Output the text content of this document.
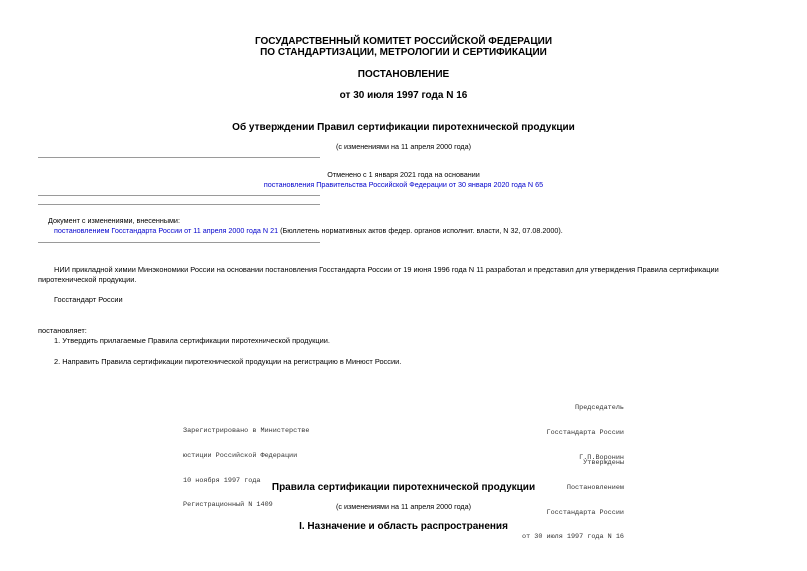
ГОСУДАРСТВЕННЫЙ КОМИТЕТ РОССИЙСКОЙ ФЕДЕРАЦИИ
ПО СТАНДАРТИЗАЦИИ, МЕТРОЛОГИИ И СЕРТИФИКАЦИИ
ПОСТАНОВЛЕНИЕ
от 30 июля 1997 года N 16
Об утверждении Правил сертификации пиротехнической продукции
(с изменениями на 11 апреля 2000 года)
Отменено с 1 января 2021 года на основании
постановления Правительства Российской Федерации от 30 января 2020 года N 65
Документ с изменениями, внесенными:
постановлением Госстандарта России от 11 апреля 2000 года N 21 (Бюллетень нормативных актов федер. органов исполнит. власти, N 32, 07.08.2000).
НИИ прикладной химии Минэкономики России на основании постановления Госстандарта России от 19 июня 1996 года N 11 разработал и представил для утверждения Правила сертификации пиротехнической продукции.
Госстандарт России
постановляет:
1. Утвердить прилагаемые Правила сертификации пиротехнической продукции.
2. Направить Правила сертификации пиротехнической продукции на регистрацию в Минюст России.

Председатель

Госстандарта России

Г.П.Воронин

Зарегистрировано в Министерстве

юстиции Российской Федерации

10 ноября 1997 года

Регистрационный N 1409

Утверждены

Постановлением

Госстандарта России

от 30 июля 1997 года N 16

Правила сертификации пиротехнической продукции
(с изменениями на 11 апреля 2000 года)
I. Назначение и область распространения
